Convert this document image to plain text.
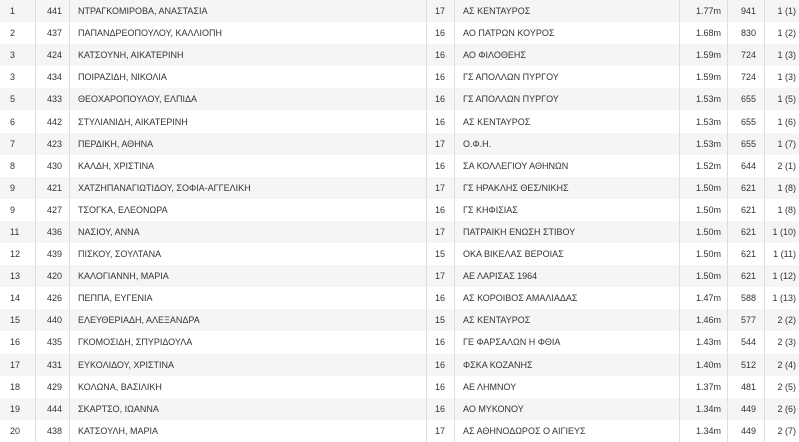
1	441	ΝΤΡΑΓΚΟΜΙΡΟΒΑ, ΑΝΑΣΤΑΣΙΑ	17	ΑΣ ΚΕΝΤΑΥΡΟΣ	1.77m	941	1 (1)
2	437	ΠΑΠΑΝΔΡΕΟΠΟΥΛΟΥ, ΚΑΛΛΙΟΠΗ	16	ΑΟ ΠΑΤΡΩΝ ΚΟΥΡΟΣ	1.68m	830	1 (2)
3	424	ΚΑΤΣΟΥΝΗ, ΑΙΚΑΤΕΡΙΝΗ	16	ΑΟ ΦΙΛΟΘΕΗΣ	1.59m	724	1 (3)
3	434	ΠΟΙΡΑΖΙΔΗ, ΝΙΚΟΛΙΑ	16	ΓΣ ΑΠΟΛΛΩΝ ΠΥΡΓΟΥ	1.59m	724	1 (3)
5	433	ΘΕΟΧΑΡΟΠΟΥΛΟΥ, ΕΛΠΙΔΑ	16	ΓΣ ΑΠΟΛΛΩΝ ΠΥΡΓΟΥ	1.53m	655	1 (5)
6	442	ΣΤΥΛΙΑΝΙΔΗ, ΑΙΚΑΤΕΡΙΝΗ	16	ΑΣ ΚΕΝΤΑΥΡΟΣ	1.53m	655	1 (6)
7	423	ΠΕΡΔΙΚΗ, ΑΘΗΝΑ	17	Ο.Φ.Η.	1.53m	655	1 (7)
8	430	ΚΑΛΔΗ, ΧΡΙΣΤΙΝΑ	16	ΣΑ ΚΟΛΛΕΓΙΟΥ ΑΘΗΝΩΝ	1.52m	644	2 (1)
9	421	ΧΑΤΖΗΠΑΝΑΓΙΩΤΙΔΟΥ, ΣΟΦΙΑ-ΑΓΓΕΛΙΚΗ	17	ΓΣ ΗΡΑΚΛΗΣ ΘΕΣ/ΝΙΚΗΣ	1.50m	621	1 (8)
9	427	ΤΣΟΓΚΑ, ΕΛΕΟΝΩΡΑ	16	ΓΣ ΚΗΦΙΣΙΑΣ	1.50m	621	1 (8)
11	436	ΝΑΣΙΟΥ, ΑΝΝΑ	17	ΠΑΤΡΑΙΚΗ ΕΝΩΣΗ ΣΤΙΒΟΥ	1.50m	621	1 (10)
12	439	ΠΙΣΚΟΥ, ΣΟΥΛΤΑΝΑ	15	ΟΚΑ ΒΙΚΕΛΑΣ ΒΕΡΟΙΑΣ	1.50m	621	1 (11)
13	420	ΚΑΛΟΓΙΑΝΝΗ, ΜΑΡΙΑ	17	ΑΕ ΛΑΡΙΣΑΣ 1964	1.50m	621	1 (12)
14	426	ΠΕΠΠΑ, ΕΥΓΕΝΙΑ	16	ΑΣ ΚΟΡΟΙΒΟΣ ΑΜΑΛΙΑΔΑΣ	1.47m	588	1 (13)
15	440	ΕΛΕΥΘΕΡΙΑΔΗ, ΑΛΕΞΑΝΔΡΑ	15	ΑΣ ΚΕΝΤΑΥΡΟΣ	1.46m	577	2 (2)
16	435	ΓΚΟΜΟΣΙΔΗ, ΣΠΥΡΙΔΟΥΛΑ	16	ΓΕ ΦΑΡΣΑΛΩΝ Η ΦΘΙΑ	1.43m	544	2 (3)
17	431	ΕΥΚΟΛΙΔΟΥ, ΧΡΙΣΤΙΝΑ	16	ΦΣΚΑ ΚΟΖΑΝΗΣ	1.40m	512	2 (4)
18	429	ΚΟΛΩΝΑ, ΒΑΣΙΛΙΚΗ	16	ΑΕ ΛΗΜΝΟΥ	1.37m	481	2 (5)
19	444	ΣΚΑΡΤΣΟ, ΙΩΑΝΝΑ	16	ΑΟ ΜΥΚΟΝΟΥ	1.34m	449	2 (6)
20	438	ΚΑΤΣΟΥΛΗ, ΜΑΡΙΑ	17	ΑΣ ΑΘΗΝΟΔΩΡΟΣ Ο ΑΙΓΙΕΥΣ	1.34m	449	2 (7)
